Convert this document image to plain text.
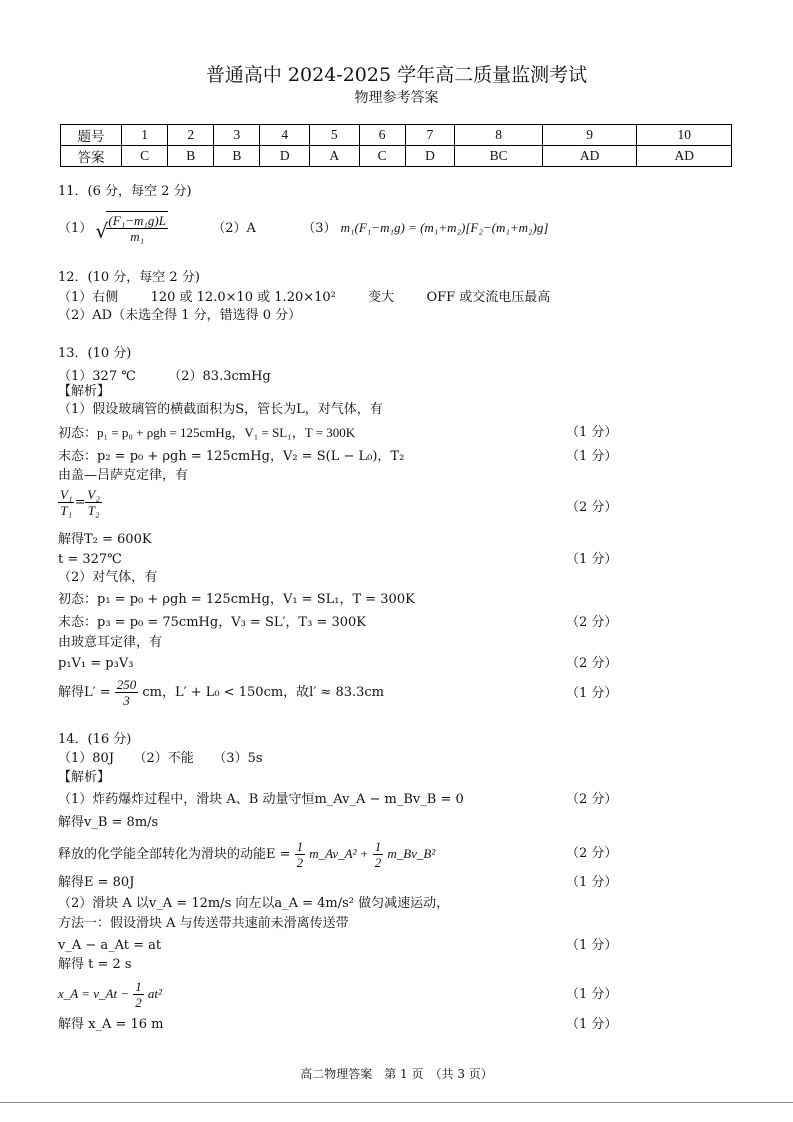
普通高中 2024-2025 学年高二质量监测考试
物理参考答案
题号	1	2	3	4	5	6	7	8	9	10
答案	C	B	B	D	A	C	D	BC	AD	AD
11．(6 分，每空 2 分)
（1） √ $\frac{\text{(F₁−m₁g)L}}{\text{m₁}}$	（2）A	（3） m₁(F₁−m₁g) = (m₁+m₂)[F₂−(m₁+m₂)g]
12．(10 分，每空 2 分)
（1）右侧 120 或 12.0×10 或 1.20×10² 变大 OFF 或交流电压最高
（2）AD（未选全得 1 分，错选得 0 分）
13．(10 分)
（1）327 ℃　　　（2）83.3cmHg
【解析】
（1）假设玻璃管的横截面积为S，管长为L，对气体，有
初态：p₁ = p₀ + ρgh = 125cmHg，V₁ = SL₁，T = 300K	（1 分）
末态：p₂ = p₀ + ρgh = 125cmHg，V₂ = S(L − L₀)，T₂	（1 分）
由盖—吕萨克定律，有
$\frac{\text{V₁}}{\text{T₁}} = \frac{\text{V₂}}{\text{T₂}}$	（2 分）
解得T₂ = 600K
t = 327℃	（1 分）
（2）对气体，有
初态：p₁ = p₀ + ρgh = 125cmHg，V₁ = SL₁，T = 300K
末态：p₃ = p₀ = 75cmHg，V₃ = SL′，T₃ = 300K	（2 分）
由玻意耳定律，有
p₁V₁ = p₃V₃	（2 分）
解得$L' = \frac{250}{3}$ cm，L′ + L₀ < 150cm，故l′ ≈ 83.3cm	（1 分）
14．(16 分)
（1）80J　　（2）不能　　（3）5s
【解析】
（1）炸药爆炸过程中，滑块 A、B 动量守恒m_Av_A − m_Bv_B = 0	（2 分）
解得v_B = 8m/s
释放的化学能全部转化为滑块的动能$E = \frac{1}{2}$ m_Av_A² + $\frac{1}{2}$ m_Bv_B²	（2 分）
解得E = 80J	（1 分）
（2）滑块 A 以v_A = 12m/s 向左以a_A = 4m/s² 做匀减速运动，
方法一：假设滑块 A 与传送带共速前未滑离传送带
v_A − a_At = at	（1 分）
解得 t = 2 s
x_A = v_At − $\frac{1}{2} at^2$	（1 分）
解得 x_A = 16 m	（1 分）
高二物理答案　第 1 页　（共 3 页）
